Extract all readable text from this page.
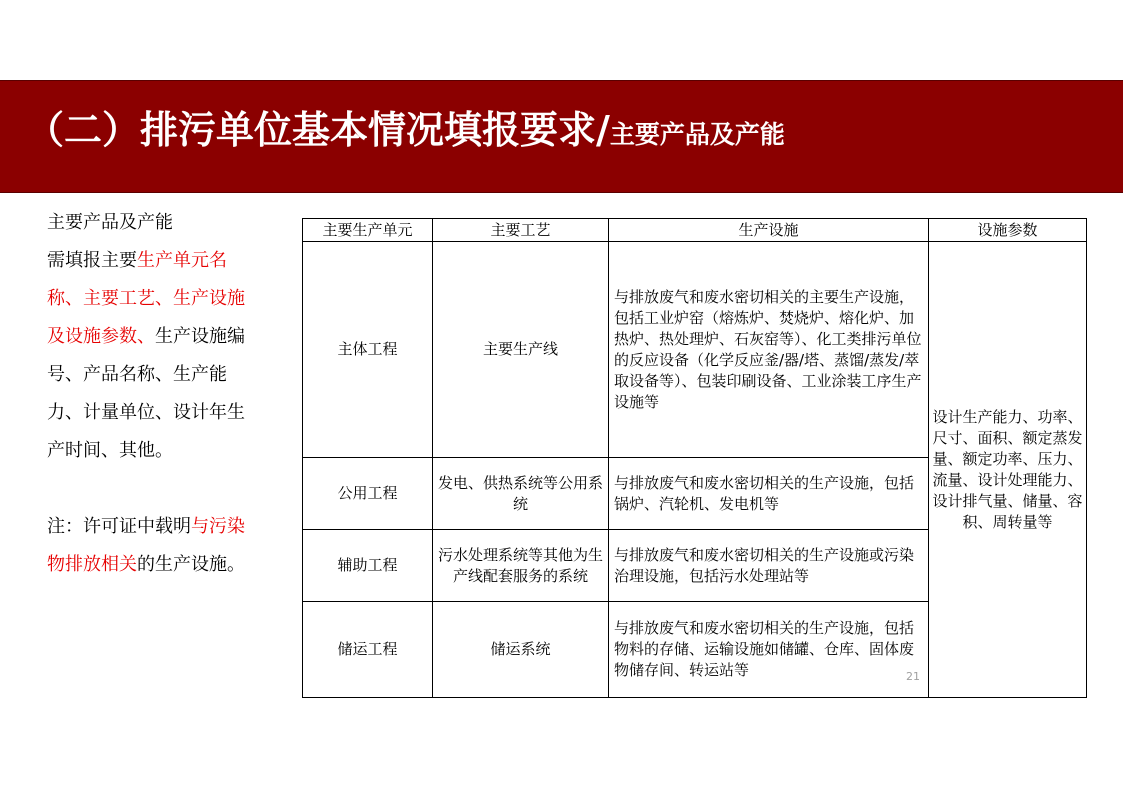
（二）排污单位基本情况填报要求/主要产品及产能

主要产品及产能

需填报主要生产单元名称、主要工艺、生产设施及设施参数、生产设施编号、产品名称、生产能力、计量单位、设计年生产时间、其他。

注：许可证中载明与污染物排放相关的生产设施。

主要生产单元	主要工艺	生产设施	设施参数
主体工程	主要生产线	与排放废气和废水密切相关的主要生产设施，包括工业炉窑（熔炼炉、焚烧炉、熔化炉、加热炉、热处理炉、石灰窑等）、化工类排污单位的反应设备（化学反应釜/器/塔、蒸馏/蒸发/萃取设备等）、包装印刷设备、工业涂装工序生产设施等	设计生产能力、功率、尺寸、面积、额定蒸发量、额定功率、压力、流量、设计处理能力、设计排气量、储量、容积、周转量等
公用工程	发电、供热系统等公用系统	与排放废气和废水密切相关的生产设施，包括锅炉、汽轮机、发电机等	
辅助工程	污水处理系统等其他为生产线配套服务的系统	与排放废气和废水密切相关的生产设施或污染治理设施，包括污水处理站等	
储运工程	储运系统	与排放废气和废水密切相关的生产设施，包括物料的存储、运输设施如储罐、仓库、固体废物储存间、转运站等		21
